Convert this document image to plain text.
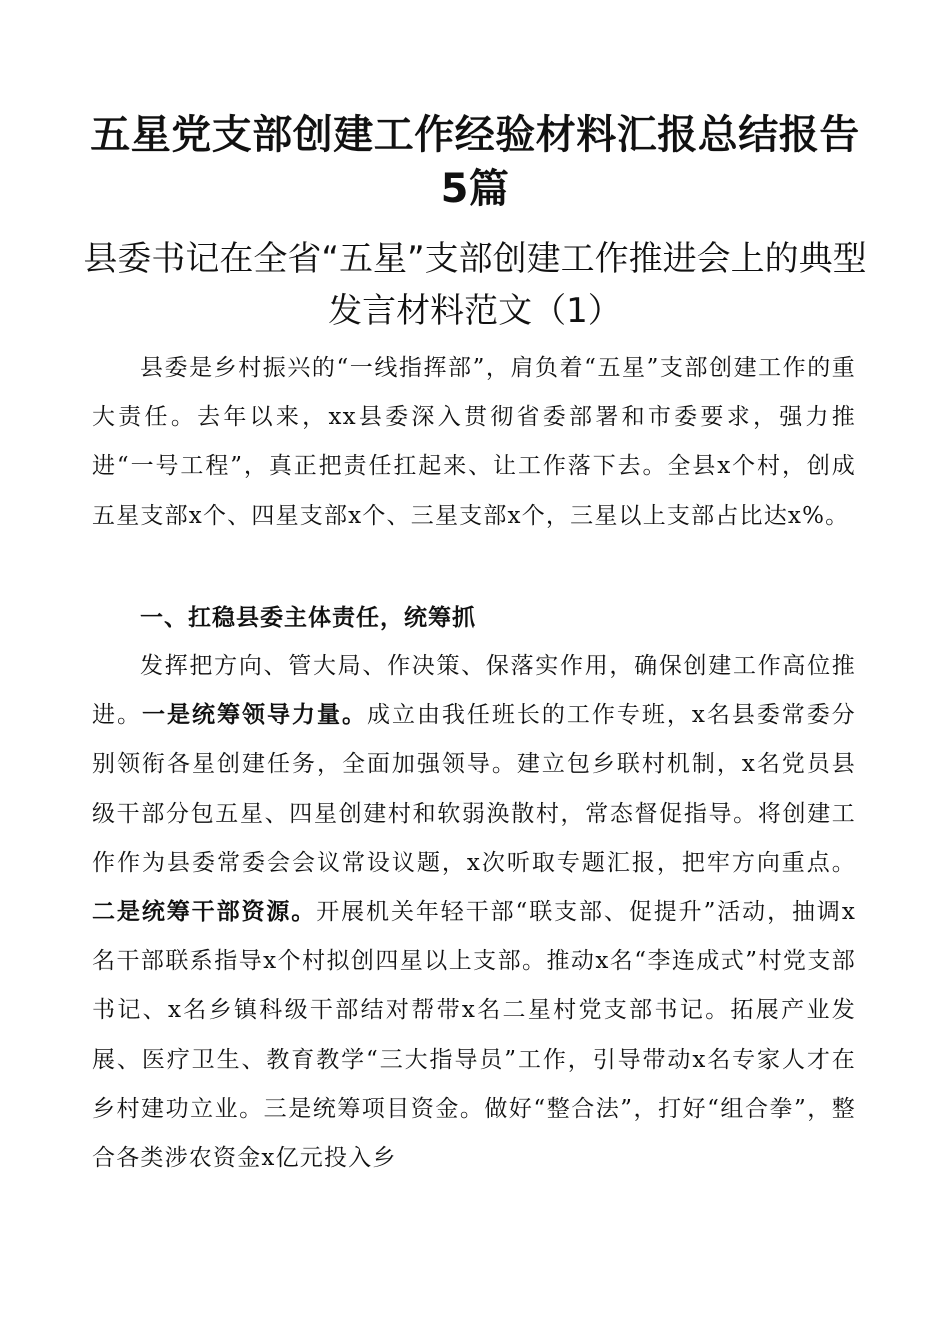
五星党支部创建工作经验材料汇报总结报告5篇
县委书记在全省“五星”支部创建工作推进会上的典型发言材料范文（1）

县委是乡村振兴的“一线指挥部”，肩负着“五星”支部创建工作的重大责任。去年以来，xx县委深入贯彻省委部署和市委要求，强力推进“一号工程”，真正把责任扛起来、让工作落下去。全县x个村，创成五星支部x个、四星支部x个、三星支部x个，三星以上支部占比达x%。

一、扛稳县委主体责任，统筹抓

发挥把方向、管大局、作决策、保落实作用，确保创建工作高位推进。一是统筹领导力量。成立由我任班长的工作专班，x名县委常委分别领衔各星创建任务，全面加强领导。建立包乡联村机制，x名党员县级干部分包五星、四星创建村和软弱涣散村，常态督促指导。将创建工作作为县委常委会会议常设议题，x次听取专题汇报，把牢方向重点。二是统筹干部资源。开展机关年轻干部“联支部、促提升”活动，抽调x名干部联系指导x个村拟创四星以上支部。推动x名“李连成式”村党支部书记、x名乡镇科级干部结对帮带x名二星村党支部书记。拓展产业发展、医疗卫生、教育教学“三大指导员”工作，引导带动x名专家人才在乡村建功立业。三是统筹项目资金。做好“整合法”，打好“组合拳”，整合各类涉农资金x亿元投入乡
